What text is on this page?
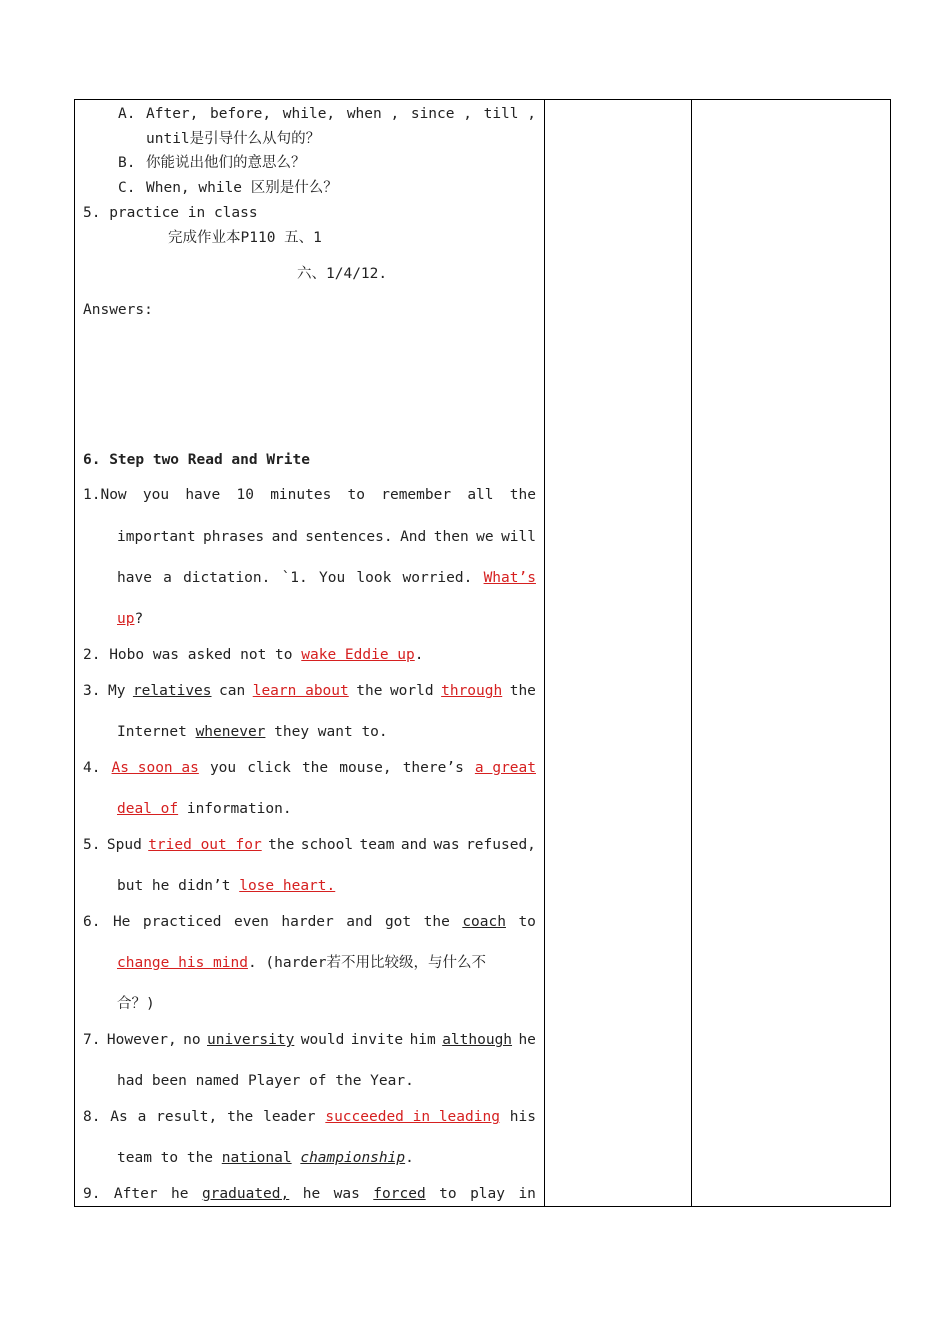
A. After, before, while, when , since , till ,
until是引导什么从句的？
B. 你能说出他们的意思么？
C. When, while 区别是什么？
5. practice in class
完成作业本P110 五、1
六、1/4/12.
Answers:
6. Step two Read and Write
1.Now you have 10 minutes to remember all the
important phrases and sentences. And then we will
have a dictation. `1. You look worried. What’s
up?
2. Hobo was asked not to wake Eddie up.
3. My relatives can learn about the world through the
Internet whenever they want to.
4. As soon as you click the mouse, there’s a great
deal of information.
5. Spud tried out for the school team and was refused,
but he didn’t lose heart.
6. He practiced even harder and got the coach to
change his mind. (harder若不用比较级，与什么不
合？)
7. However, no university would invite him although he
had been named Player of the Year.
8. As a result, the leader succeeded in leading his
team to the national championship.
9. After he graduated, he was forced to play in
